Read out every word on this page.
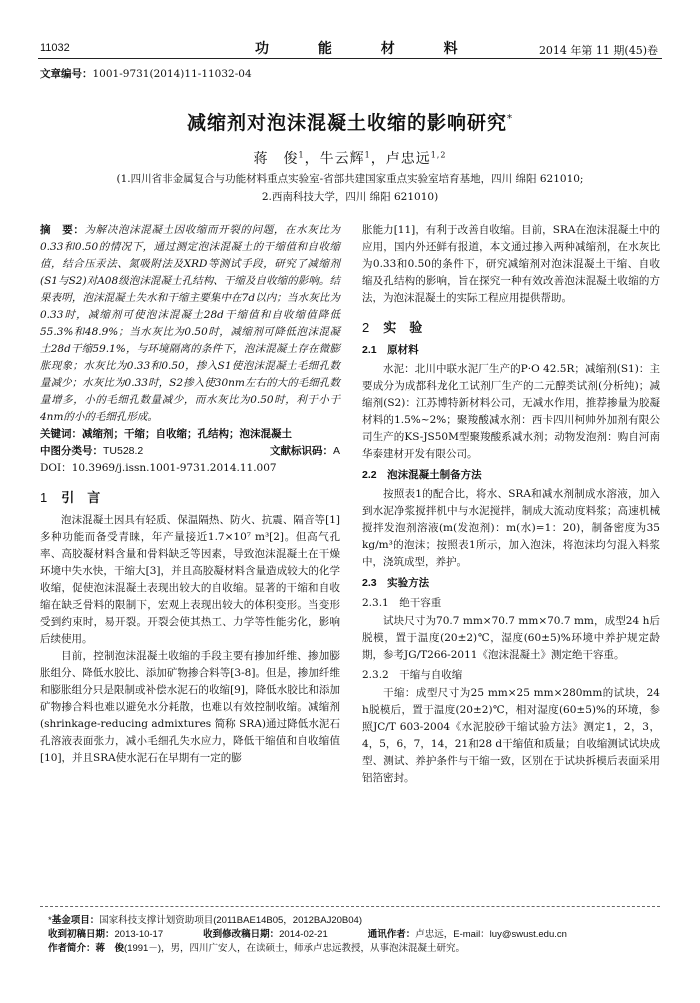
11032	功 能 材 料	2014 年第 11 期(45)卷
文章编号：1001-9731(2014)11-11032-04
减缩剂对泡沫混凝土收缩的影响研究*
蒋　俊$^1$，牛云辉$^1$，卢忠远$^{1,2}$
(1.四川省非金属复合与功能材料重点实验室-省部共建国家重点实验室培育基地，四川 绵阳 621010;
2.西南科技大学，四川 绵阳 621010)

摘　要：为解决泡沫混凝土因收缩而开裂的问题，在水灰比为0.33和0.50的情况下，通过测定泡沫混凝土的干缩值和自收缩值，结合压汞法、氮吸附法及XRD等测试手段，研究了减缩剂(S1与S2)对A08级泡沫混凝土孔结构、干缩及自收缩的影响。结果表明，泡沫混凝土失水和干缩主要集中在7d以内；当水灰比为0.33时，减缩剂可使泡沫混凝土28d干缩值和自收缩值降低55.3%和48.9%；当水灰比为0.50时，减缩剂可降低泡沫混凝土28d干缩59.1%，与环境隔离的条件下，泡沫混凝土存在微膨胀现象；水灰比为0.33和0.50，掺入S1使泡沫混凝土毛细孔数量减少；水灰比为0.33时，S2掺入使30nm左右的大的毛细孔数量增多，小的毛细孔数量减少，而水灰比为0.50时，利于小于4nm的小的毛细孔形成。

关键词：减缩剂；干缩；自收缩；孔结构；泡沫混凝土

中图分类号：TU528.2	文献标识码：A

DOI：10.3969/j.issn.1001-9731.2014.11.007

1 引　言

泡沫混凝土因具有轻质、保温隔热、防火、抗震、隔音等[1]多种功能而备受青睐，年产量接近1.7×10⁷ m³[2]。但高气孔率、高胶凝材料含量和骨料缺乏等因素，导致泡沫混凝土在干燥环境中失水快，干缩大[3]，并且高胶凝材料含量造成较大的化学收缩，促使泡沫混凝土表现出较大的自收缩。显著的干缩和自收缩在缺乏骨料的限制下，宏观上表现出较大的体积变形。当变形受到约束时，易开裂。开裂会使其热工、力学等性能劣化，影响后续使用。

目前，控制泡沫混凝土收缩的手段主要有掺加纤维、掺加膨胀组分、降低水胶比、添加矿物掺合料等[3-8]。但是，掺加纤维和膨胀组分只是限制或补偿水泥石的收缩[9]，降低水胶比和添加矿物掺合料也难以避免水分耗散，也难以有效控制收缩。减缩剂(shrinkage-reducing admixtures 简称 SRA)通过降低水泥石孔溶液表面张力，减小毛细孔失水应力，降低干缩值和自收缩值[10]，并且SRA使水泥石在早期有一定的膨

胀能力[11]，有利于改善自收缩。目前，SRA在泡沫混凝土中的应用，国内外还鲜有报道，本文通过掺入两种减缩剂，在水灰比为0.33和0.50的条件下，研究减缩剂对泡沫混凝土干缩、自收缩及孔结构的影响，旨在探究一种有效改善泡沫混凝土收缩的方法，为泡沫混凝土的实际工程应用提供帮助。

2 实　验
2.1　原材料

水泥：北川中联水泥厂生产的P·O 42.5R；减缩剂(S1)：主要成分为成都科龙化工试剂厂生产的二元醇类试剂(分析纯)；减缩剂(S2)：江苏博特新材料公司，无减水作用，推荐掺量为胶凝材料的1.5%~2%；聚羧酸减水剂：西卡四川柯帅外加剂有限公司生产的KS-JS50M型聚羧酸系减水剂；动物发泡剂：购自河南华泰建材开发有限公司。

2.2　泡沫混凝土制备方法

按照表1的配合比，将水、SRA和减水剂制成水溶液，加入到水泥净浆搅拌机中与水泥搅拌，制成大流动度料浆；高速机械搅拌发泡剂溶液(m(发泡剂)：m(水)=1：20)，制备密度为35 kg/m³的泡沫；按照表1所示，加入泡沫，将泡沫均匀混入料浆中，浇筑成型，养护。

2.3　实验方法
2.3.1　绝干容重

试块尺寸为70.7 mm×70.7 mm×70.7 mm，成型24 h后脱模，置于温度(20±2)℃，湿度(60±5)%环境中养护规定龄期，参考JG/T266-2011《泡沫混凝土》测定绝干容重。

2.3.2　干缩与自收缩

干缩：成型尺寸为25 mm×25 mm×280mm的试块，24 h脱模后，置于温度(20±2)℃，相对湿度(60±5)%的环境，参照JC/T 603-2004《水泥胶砂干缩试验方法》测定1，2，3，4，5，6，7，14，21和28 d干缩值和质量；自收缩测试试块成型、测试、养护条件与干缩一致，区别在于试块拆模后表面采用铝箔密封。

* 基金项目： 国家科技支撑计划资助项目(2011BAE14B05，2012BAJ20B04)
收到初稿日期： 2013-10-17	收到修改稿日期： 2014-02-21	通讯作者： 卢忠远，E-mail：luy@swust.edu.cn
作者简介： 蒋　俊 (1991－)，男，四川广安人，在读硕士，师承卢忠远教授，从事泡沫混凝土研究。
